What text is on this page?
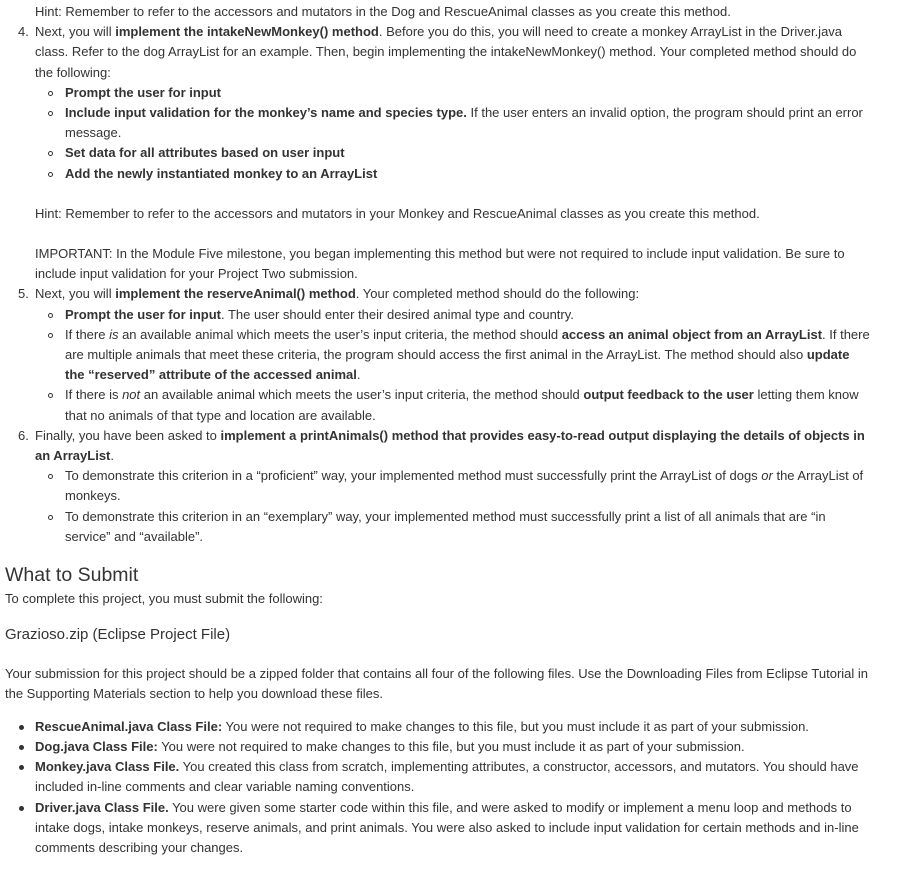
Hint: Remember to refer to the accessors and mutators in the Dog and RescueAnimal classes as you create this method.

4. Next, you will implement the intakeNewMonkey() method. Before you do this, you will need to create a monkey ArrayList in the Driver.java class. Refer to the dog ArrayList for an example. Then, begin implementing the intakeNewMonkey() method. Your completed method should do the following:
Prompt the user for input
Include input validation for the monkey’s name and species type. If the user enters an invalid option, the program should print an error message.
Set data for all attributes based on user input
Add the newly instantiated monkey to an ArrayList
Hint: Remember to refer to the accessors and mutators in your Monkey and RescueAnimal classes as you create this method.
IMPORTANT: In the Module Five milestone, you began implementing this method but were not required to include input validation. Be sure to include input validation for your Project Two submission.
5. Next, you will implement the reserveAnimal() method. Your completed method should do the following:
Prompt the user for input. The user should enter their desired animal type and country.
If there is an available animal which meets the user’s input criteria, the method should access an animal object from an ArrayList. If there are multiple animals that meet these criteria, the program should access the first animal in the ArrayList. The method should also update the “reserved” attribute of the accessed animal.
If there is not an available animal which meets the user’s input criteria, the method should output feedback to the user letting them know that no animals of that type and location are available.
6. Finally, you have been asked to implement a printAnimals() method that provides easy-to-read output displaying the details of objects in an ArrayList.
To demonstrate this criterion in a “proficient” way, your implemented method must successfully print the ArrayList of dogs or the ArrayList of monkeys.
To demonstrate this criterion in an “exemplary” way, your implemented method must successfully print a list of all animals that are “in service” and “available”.
What to Submit

To complete this project, you must submit the following:

Grazioso.zip (Eclipse Project File)

Your submission for this project should be a zipped folder that contains all four of the following files. Use the Downloading Files from Eclipse Tutorial in the Supporting Materials section to help you download these files.

RescueAnimal.java Class File: You were not required to make changes to this file, but you must include it as part of your submission.
Dog.java Class File: You were not required to make changes to this file, but you must include it as part of your submission.
Monkey.java Class File. You created this class from scratch, implementing attributes, a constructor, accessors, and mutators. You should have included in-line comments and clear variable naming conventions.
Driver.java Class File. You were given some starter code within this file, and were asked to modify or implement a menu loop and methods to intake dogs, intake monkeys, reserve animals, and print animals. You were also asked to include input validation for certain methods and in-line comments describing your changes.
